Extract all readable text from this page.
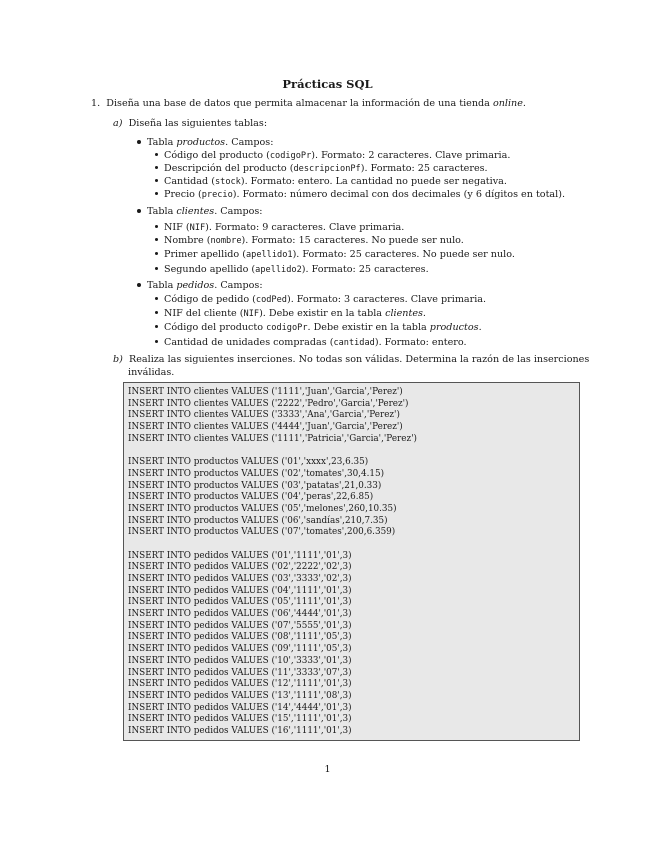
Prácticas SQL
1. Diseña una base de datos que permita almacenar la información de una tienda online.
a) Diseña las siguientes tablas:
Tabla productos. Campos:
Código del producto (codigoPr). Formato: 2 caracteres. Clave primaria.
Descripción del producto (descripcionPf). Formato: 25 caracteres.
Cantidad (stock). Formato: entero. La cantidad no puede ser negativa.
Precio (precio). Formato: número decimal con dos decimales (y 6 dígitos en total).
Tabla clientes. Campos:
NIF (NIF). Formato: 9 caracteres. Clave primaria.
Nombre (nombre). Formato: 15 caracteres. No puede ser nulo.
Primer apellido (apellido1). Formato: 25 caracteres. No puede ser nulo.
Segundo apellido (apellido2). Formato: 25 caracteres.
Tabla pedidos. Campos:
Código de pedido (codPed). Formato: 3 caracteres. Clave primaria.
NIF del cliente (NIF). Debe existir en la tabla clientes.
Código del producto codigoPr. Debe existir en la tabla productos.
Cantidad de unidades compradas (cantidad). Formato: entero.
b) Realiza las siguientes inserciones. No todas son válidas. Determina la razón de las inserciones
inválidas.
INSERT INTO clientes VALUES ('1111','Juan','Garcia','Perez')
INSERT INTO clientes VALUES ('2222','Pedro','Garcia','Perez')
INSERT INTO clientes VALUES ('3333','Ana','Garcia','Perez')
INSERT INTO clientes VALUES ('4444','Juan','Garcia','Perez')
INSERT INTO clientes VALUES ('1111','Patricia','Garcia','Perez')
INSERT INTO productos VALUES ('01','xxxx',23,6.35)
INSERT INTO productos VALUES ('02','tomates',30,4.15)
INSERT INTO productos VALUES ('03','patatas',21,0.33)
INSERT INTO productos VALUES ('04','peras',22,6.85)
INSERT INTO productos VALUES ('05','melones',260,10.35)
INSERT INTO productos VALUES ('06','sandías',210,7.35)
INSERT INTO productos VALUES ('07','tomates',200,6.359)
INSERT INTO pedidos VALUES ('01','1111','01',3)
INSERT INTO pedidos VALUES ('02','2222','02',3)
INSERT INTO pedidos VALUES ('03','3333','02',3)
INSERT INTO pedidos VALUES ('04','1111','01',3)
INSERT INTO pedidos VALUES ('05','1111','01',3)
INSERT INTO pedidos VALUES ('06','4444','01',3)
INSERT INTO pedidos VALUES ('07','5555','01',3)
INSERT INTO pedidos VALUES ('08','1111','05',3)
INSERT INTO pedidos VALUES ('09','1111','05',3)
INSERT INTO pedidos VALUES ('10','3333','01',3)
INSERT INTO pedidos VALUES ('11','3333','07',3)
INSERT INTO pedidos VALUES ('12','1111','01',3)
INSERT INTO pedidos VALUES ('13','1111','08',3)
INSERT INTO pedidos VALUES ('14','4444','01',3)
INSERT INTO pedidos VALUES ('15','1111','01',3)
INSERT INTO pedidos VALUES ('16','1111','01',3)
1
